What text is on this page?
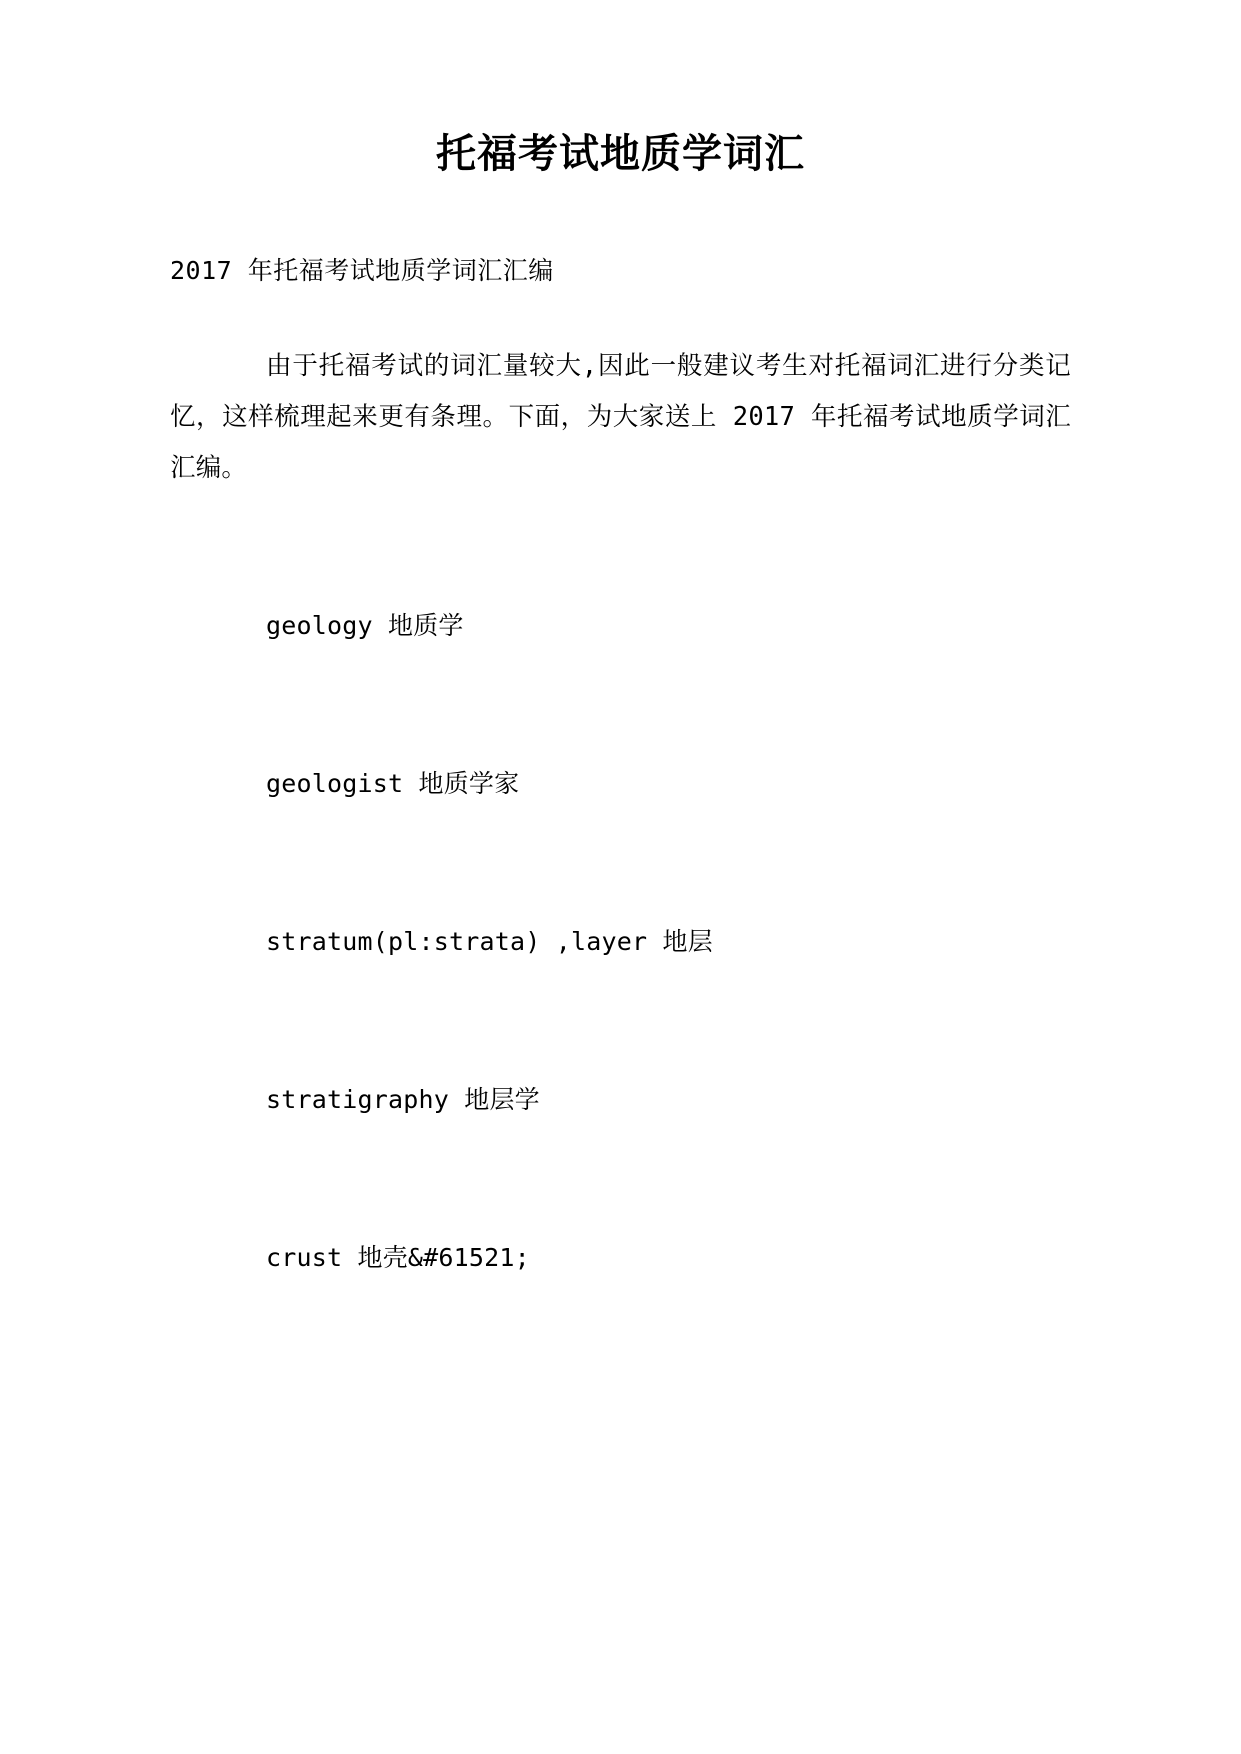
托福考试地质学词汇

2017 年托福考试地质学词汇汇编

由于托福考试的词汇量较大,因此一般建议考生对托福词汇进行分类记忆，这样梳理起来更有条理。下面，为大家送上 2017 年托福考试地质学词汇汇编。

geology 地质学
geologist 地质学家
stratum(pl:strata) ,layer 地层
stratigraphy 地层学
crust 地壳&#61521;
